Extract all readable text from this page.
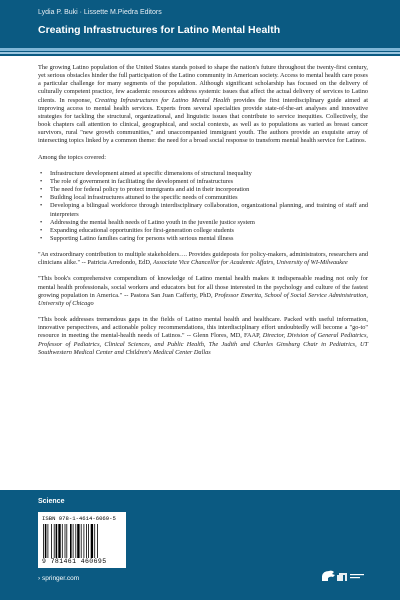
Lydia P. Buki · Lissette M.Piedra Editors
Creating Infrastructures for Latino Mental Health

The growing Latino population of the United States stands poised to shape the nation's future throughout the twenty-first century, yet serious obstacles hinder the full participation of the Latino community in American society. Access to mental health care poses a particular challenge for many segments of the population. Although significant scholarship has focused on the delivery of culturally competent practice, few academic resources address systemic issues that affect the actual delivery of services to Latino clients. In response, Creating Infrastructures for Latino Mental Health provides the first interdisciplinary guide aimed at improving access to mental health services. Experts from several specialties provide state-of-the-art analyses and innovative strategies for tackling the structural, organizational, and linguistic issues that contribute to service inequities. Collectively, the book chapters call attention to clinical, geographical, and social contexts, as well as to populations as varied as breast cancer survivors, rural "new growth communities," and unaccompanied immigrant youth. The authors provide an exquisite array of intersecting topics linked by a common theme: the need for a broad social response to transform mental health service for Latinos.

Among the topics covered:

• Infrastructure development aimed at specific dimensions of structural inequality
• The role of government in facilitating the development of infrastructures
• The need for federal policy to protect immigrants and aid in their incorporation
• Building local infrastructures attuned to the specific needs of communities
• Developing a bilingual workforce through interdisciplinary collaboration, organizational planning, and training of staff and interpreters
• Addressing the mental health needs of Latino youth in the juvenile justice system
• Expanding educational opportunities for first-generation college students
• Supporting Latino families caring for persons with serious mental illness

"An extraordinary contribution to multiple stakeholders…. Provides guideposts for policy-makers, administrators, researchers and clinicians alike." -- Patricia Arredondo, EdD, Associate Vice Chancellor for Academic Affairs, University of WI-Milwaukee

"This book's comprehensive compendium of knowledge of Latino mental health makes it indispensable reading not only for mental health professionals, social workers and educators but for all those interested in the psychology and culture of the fastest growing population in America." -- Pastora San Juan Cafferty, PhD, Professor Emerita, School of Social Service Administration, University of Chicago

"This book addresses tremendous gaps in the fields of Latino mental health and healthcare. Packed with useful information, innovative perspectives, and actionable policy recommendations, this interdisciplinary effort undoubtedly will become a "go-to" resource in meeting the mental-health needs of Latinos." -- Glenn Flores, MD, FAAP, Director, Division of General Pediatrics, Professor of Pediatrics, Clinical Sciences, and Public Health, The Judith and Charles Ginsburg Chair in Pediatrics, UT Southwestern Medical Center and Children's Medical Center Dallas

Science
ISBN 978-1-4614-6069-5
9 781461 460695
› springer.com
